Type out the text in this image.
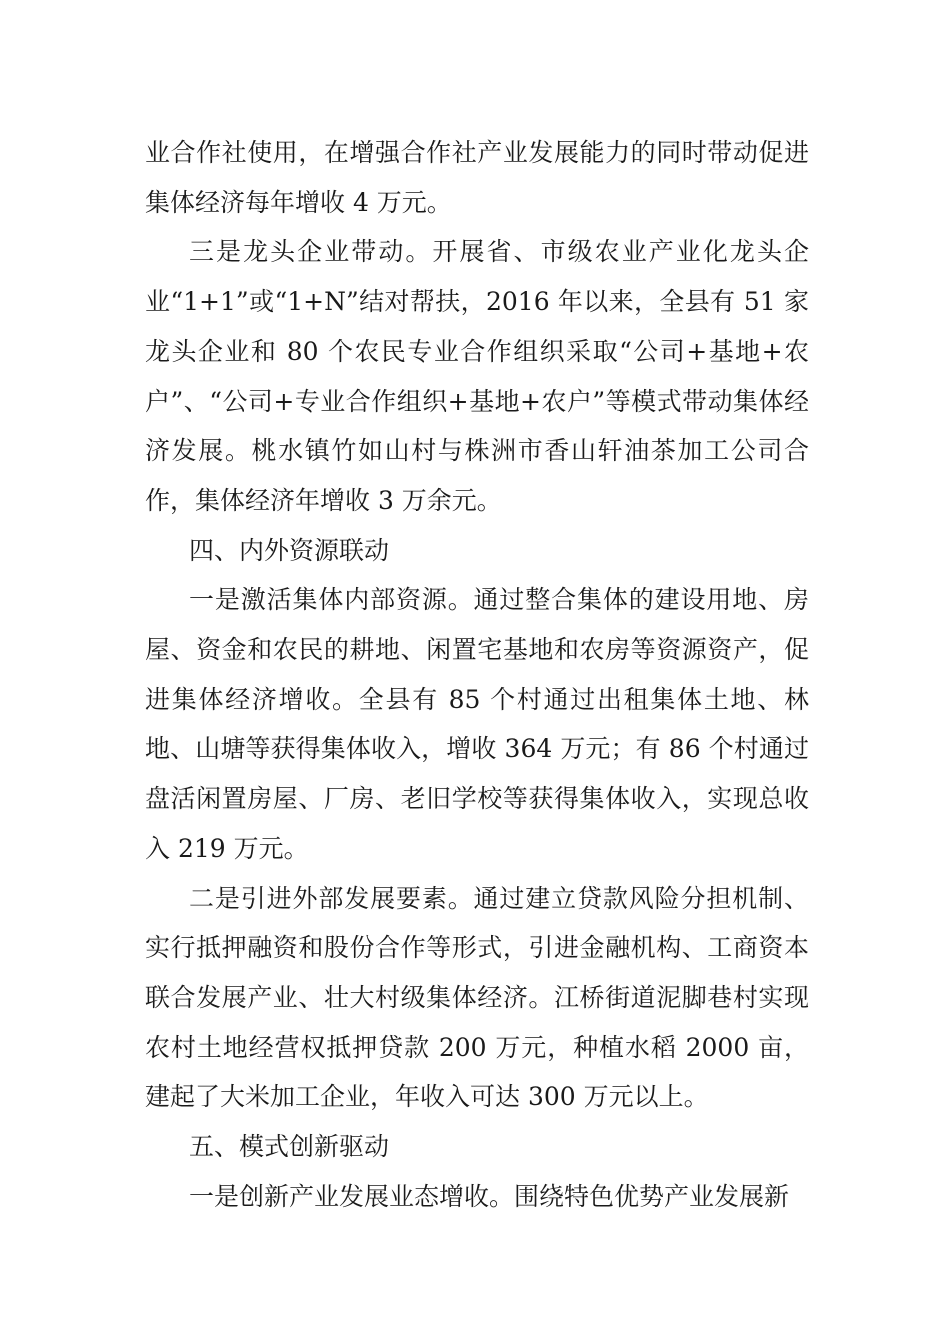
业合作社使用，在增强合作社产业发展能力的同时带动促进集体经济每年增收 4 万元。

三是龙头企业带动。开展省、市级农业产业化龙头企业“1+1”或“1+N”结对帮扶，2016 年以来，全县有 51 家龙头企业和 80 个农民专业合作组织采取“公司+基地+农户”、“公司+专业合作组织+基地+农户”等模式带动集体经济发展。桃水镇竹如山村与株洲市香山轩油茶加工公司合作，集体经济年增收 3 万余元。

四、内外资源联动

一是激活集体内部资源。通过整合集体的建设用地、房屋、资金和农民的耕地、闲置宅基地和农房等资源资产，促进集体经济增收。全县有 85 个村通过出租集体土地、林地、山塘等获得集体收入，增收 364 万元；有 86 个村通过盘活闲置房屋、厂房、老旧学校等获得集体收入，实现总收入 219 万元。

二是引进外部发展要素。通过建立贷款风险分担机制、实行抵押融资和股份合作等形式，引进金融机构、工商资本联合发展产业、壮大村级集体经济。江桥街道泥脚巷村实现农村土地经营权抵押贷款 200 万元，种植水稻 2000 亩，建起了大米加工企业，年收入可达 300 万元以上。

五、模式创新驱动

一是创新产业发展业态增收。围绕特色优势产业发展新
